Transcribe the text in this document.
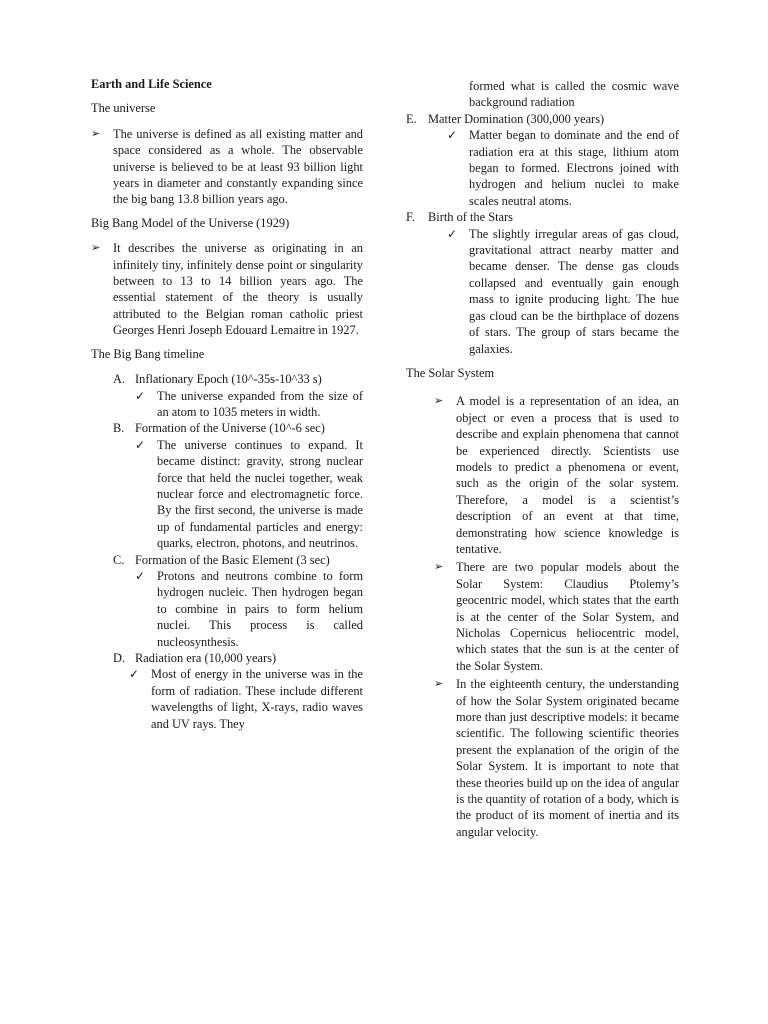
Earth and Life Science
The universe
➢	The universe is defined as all existing matter and space considered as a whole. The observable universe is believed to be at least 93 billion light years in diameter and constantly expanding since the big bang 13.8 billion years ago.
Big Bang Model of the Universe (1929)
➢	It describes the universe as originating in an infinitely tiny, infinitely dense point or singularity between to 13 to 14 billion years ago. The essential statement of the theory is usually attributed to the Belgian roman catholic priest Georges Henri Joseph Edouard Lemaitre in 1927.
The Big Bang timeline
A. Inflationary Epoch (10^-35s-10^33 s)
✓ The universe expanded from the size of an atom to 1035 meters in width.
B. Formation of the Universe (10^-6 sec)
✓ The universe continues to expand. It became distinct: gravity, strong nuclear force that held the nuclei together, weak nuclear force and electromagnetic force. By the first second, the universe is made up of fundamental particles and energy: quarks, electron, photons, and neutrinos.
C. Formation of the Basic Element (3 sec)
✓ Protons and neutrons combine to form hydrogen nucleic. Then hydrogen began to combine in pairs to form helium nuclei. This process is called nucleosynthesis.
D. Radiation era (10,000 years)
✓ Most of energy in the universe was in the form of radiation. These include different wavelengths of light, X-rays, radio waves and UV rays. They
formed what is called the cosmic wave background radiation
E. Matter Domination (300,000 years)
✓ Matter began to dominate and the end of radiation era at this stage, lithium atom began to formed. Electrons joined with hydrogen and helium nuclei to make scales neutral atoms.
F.	Birth of the Stars
✓ The slightly irregular areas of gas cloud, gravitational attract nearby matter and became denser. The dense gas clouds collapsed and eventually gain enough mass to ignite producing light. The hue gas cloud can be the birthplace of dozens of stars. The group of stars became the galaxies.
The Solar System
➢	A model is a representation of an idea, an object or even a process that is used to describe and explain phenomena that cannot be experienced directly. Scientists use models to predict a phenomena or event, such as the origin of the solar system. Therefore, a model is a scientist’s description of an event at that time, demonstrating how science knowledge is tentative.
➢	There are two popular models about the Solar System: Claudius Ptolemy’s geocentric model, which states that the earth is at the center of the Solar System, and Nicholas Copernicus heliocentric model, which states that the sun is at the center of the Solar System.
➢	In the eighteenth century, the understanding of how the Solar System originated became more than just descriptive models: it became scientific. The following scientific theories present the explanation of the origin of the Solar System. It is important to note that these theories build up on the idea of angular is the quantity of rotation of a body, which is the product of its moment of inertia and its angular velocity.
